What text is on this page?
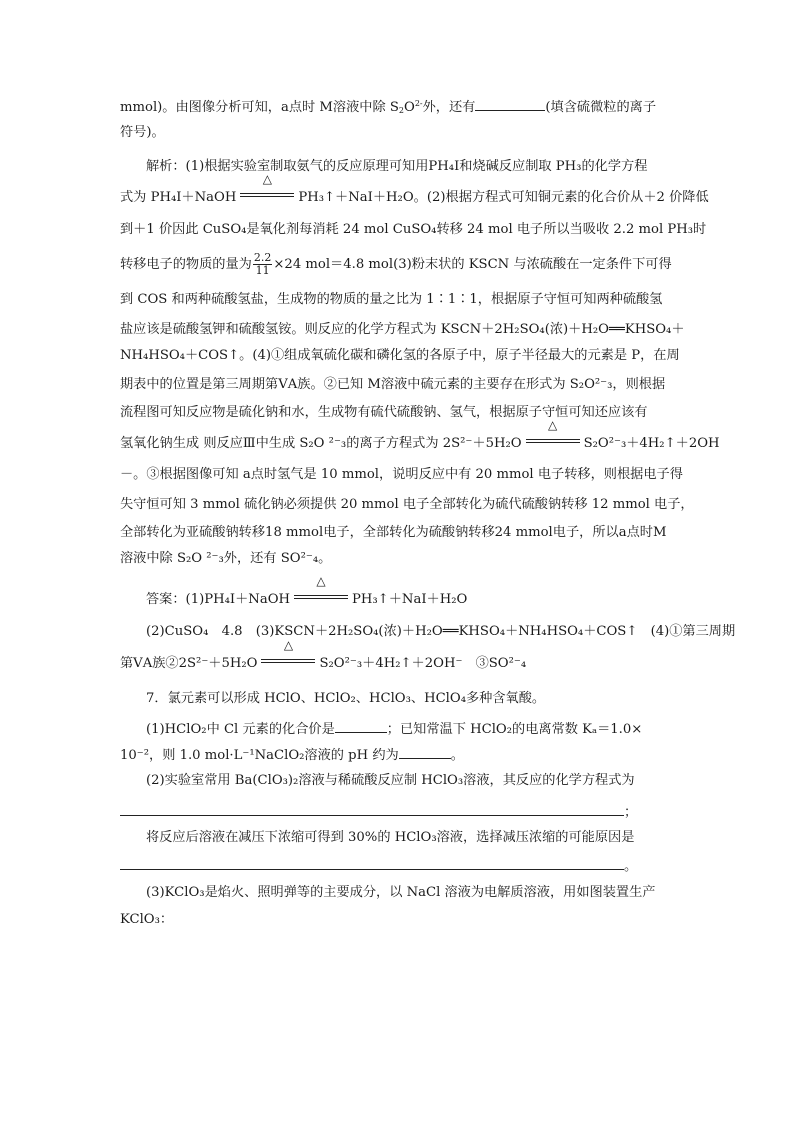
mmol)。由图像分析可知，a点时 M溶液中除 $S_2O^{2-}$外，还有	(填含硫微粒的离子
符号)。
解析：(1)根据实验室制取氨气的反应原理可知用PH₄I和烧碱反应制取 PH₃的化学方程
式为 PH₄I＋NaOH
△
PH₃↑＋NaI＋H₂O。(2)根据方程式可知铜元素的化合价从＋2 价降低
到＋1 价因此 CuSO₄是氧化剂每消耗 24 mol CuSO₄转移 24 mol 电子所以当吸收 2.2 mol PH₃时
转移电子的物质的量为 $\frac{2.2}{11} \times 24$ mol＝4.8 mol(3)粉末状的 KSCN 与浓硫酸在一定条件下可得
到 COS 和两种硫酸氢盐，生成物的物质的量之比为 1∶1∶1，根据原子守恒可知两种硫酸氢
盐应该是硫酸氢钾和硫酸氢铵。则反应的化学方程式为 KSCN＋2H₂SO₄(浓)＋H₂O══KHSO₄＋
NH₄HSO₄＋COS↑。(4)①组成氧硫化碳和磷化氢的各原子中，原子半径最大的元素是 P，在周
期表中的位置是第三周期第ⅤA族。②已知 M溶液中硫元素的主要存在形式为 S₂O²⁻₃，则根据
流程图可知反应物是硫化钠和水，生成物有硫代硫酸钠、氢气，根据原子守恒可知还应该有
氢氧化钠生成 则反应Ⅲ中生成 S₂O ²⁻₃的离子方程式为 2S²⁻＋5H₂O
△
S₂O²⁻₃＋4H₂↑＋2OH
－。③根据图像可知 a点时氢气是 10 mmol，说明反应中有 20 mmol 电子转移，则根据电子得
失守恒可知 3 mmol 硫化钠必须提供 20 mmol 电子全部转化为硫代硫酸钠转移 12 mmol 电子，
全部转化为亚硫酸钠转移18 mmol电子，全部转化为硫酸钠转移24 mmol电子，所以a点时M
溶液中除 S₂O ²⁻₃外，还有 SO²⁻₄。
答案：(1)PH₄I＋NaOH
△
PH₃↑＋NaI＋H₂O
(2)CuSO₄　4.8　(3)KSCN＋2H₂SO₄(浓)＋H₂O══KHSO₄＋NH₄HSO₄＋COS↑　(4)①第三周期
第ⅤA族②2S²⁻＋5H₂O
△
S₂O²⁻₃＋4H₂↑＋2OH⁻　③SO²⁻₄
7．氯元素可以形成 HClO、HClO₂、HClO₃、HClO₄多种含氧酸。
(1)HClO₂中 Cl 元素的化合价是	；已知常温下 HClO₂的电离常数 Kₐ＝1.0×
10⁻²，则 1.0 mol·L⁻¹NaClO₂溶液的 pH 约为	。
(2)实验室常用 Ba(ClO₃)₂溶液与稀硫酸反应制 HClO₃溶液，其反应的化学方程式为
；
将反应后溶液在减压下浓缩可得到 30%的 HClO₃溶液，选择减压浓缩的可能原因是
。
(3)KClO₃是焰火、照明弹等的主要成分，以 NaCl 溶液为电解质溶液，用如图装置生产
KClO₃：
